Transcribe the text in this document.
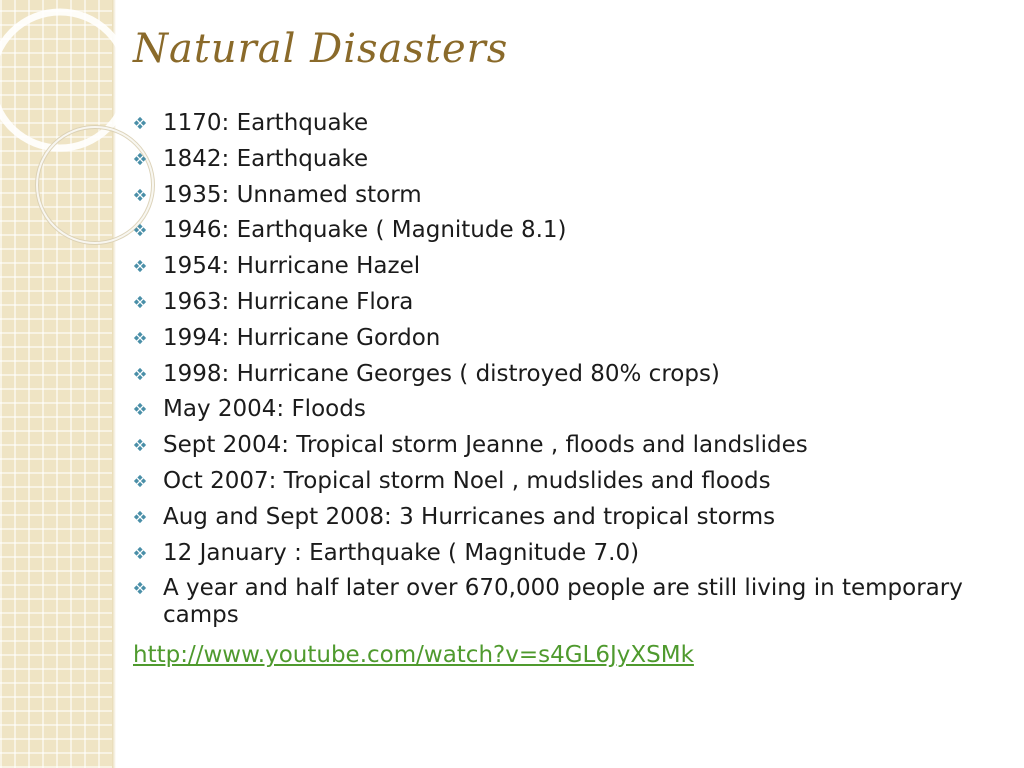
Natural Disasters
1170: Earthquake
1842: Earthquake
1935: Unnamed storm
1946: Earthquake ( Magnitude 8.1)
1954: Hurricane Hazel
1963: Hurricane Flora
1994: Hurricane Gordon
1998: Hurricane Georges ( distroyed 80% crops)
May 2004: Floods
Sept 2004: Tropical storm Jeanne , floods and landslides
Oct 2007: Tropical storm Noel , mudslides and floods
Aug and Sept 2008: 3 Hurricanes and tropical storms
12 January : Earthquake ( Magnitude 7.0)
A year and half later over 670,000 people are still living in temporary camps
http://www.youtube.com/watch?v=s4GL6JyXSMk
